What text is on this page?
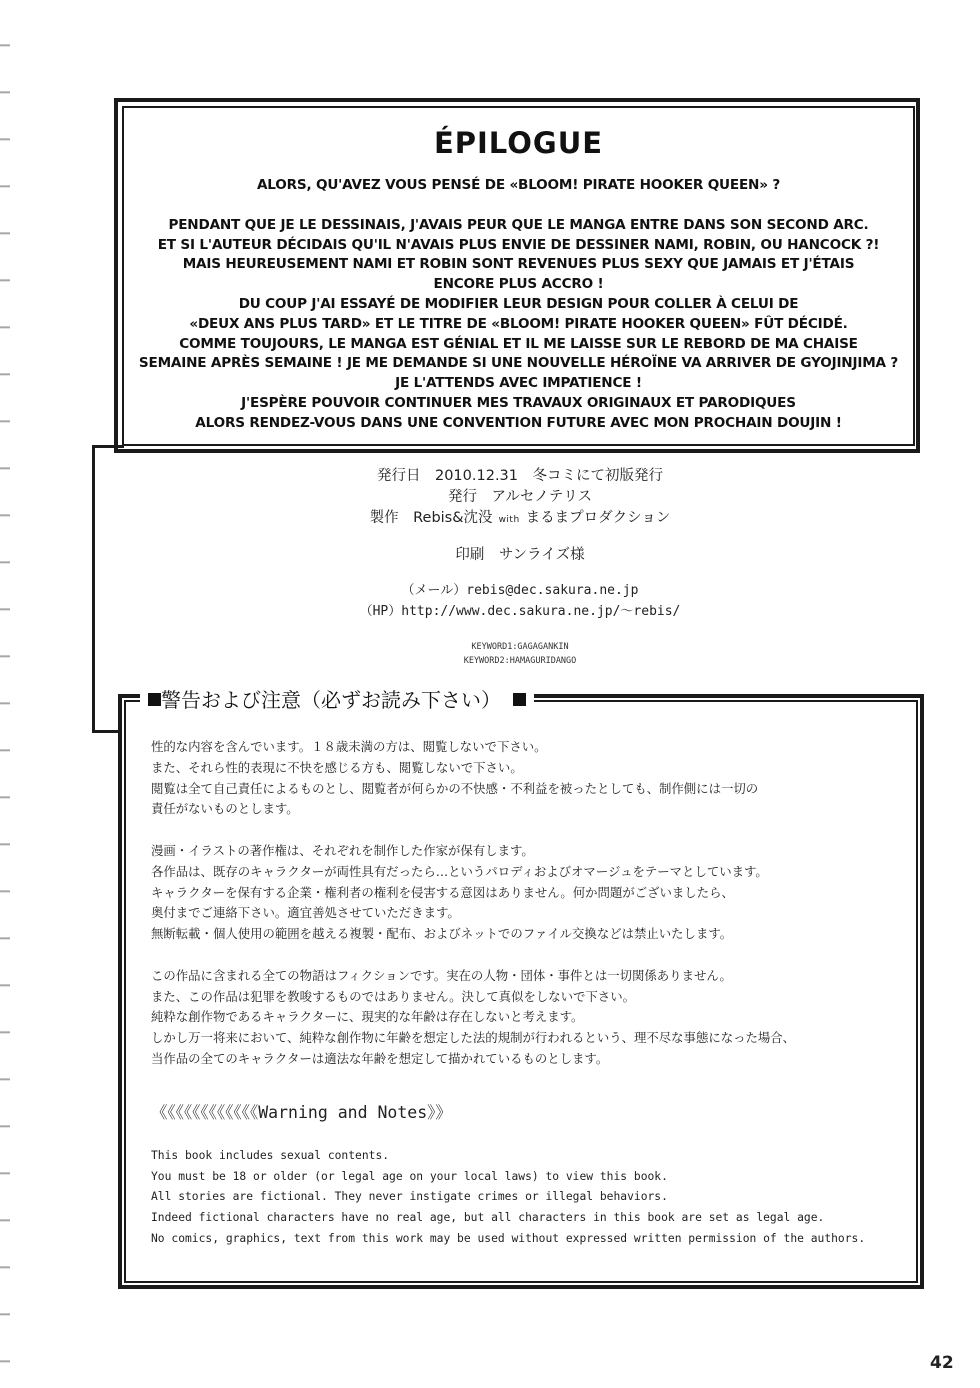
ÉPILOGUE
ALORS, QU'AVEZ VOUS PENSÉ DE «BLOOM! PIRATE HOOKER QUEEN» ?
PENDANT QUE JE LE DESSINAIS, J'AVAIS PEUR QUE LE MANGA ENTRE DANS SON SECOND ARC.
ET SI L'AUTEUR DÉCIDAIS QU'IL N'AVAIS PLUS ENVIE DE DESSINER NAMI, ROBIN, OU HANCOCK ?!
MAIS HEUREUSEMENT NAMI ET ROBIN SONT REVENUES PLUS SEXY QUE JAMAIS ET J'ÉTAIS
ENCORE PLUS ACCRO !
DU COUP J'AI ESSAYÉ DE MODIFIER LEUR DESIGN POUR COLLER À CELUI DE
«DEUX ANS PLUS TARD» ET LE TITRE DE «BLOOM! PIRATE HOOKER QUEEN» FÛT DÉCIDÉ.
COMME TOUJOURS, LE MANGA EST GÉNIAL ET IL ME LAISSE SUR LE REBORD DE MA CHAISE
SEMAINE APRÈS SEMAINE ! JE ME DEMANDE SI UNE NOUVELLE HÉROÏNE VA ARRIVER DE GYOJINJIMA ?
JE L'ATTENDS AVEC IMPATIENCE !
J'ESPÈRE POUVOIR CONTINUER MES TRAVAUX ORIGINAUX ET PARODIQUES
ALORS RENDEZ-VOUS DANS UNE CONVENTION FUTURE AVEC MON PROCHAIN DOUJIN !
発行日　2010.12.31　冬コミにて初版発行
発行　アルセノテリス
製作　Rebis&沈没 with まるまプロダクション
印刷　サンライズ様
（メール）rebis@dec.sakura.ne.jp
（HP）http://www.dec.sakura.ne.jp/～rebis/
KEYWORD1:GAGAGANKIN
KEYWORD2:HAMAGURIDANGO
警告および注意（必ずお読み下さい）
性的な内容を含んでいます。１８歳未満の方は、閲覧しないで下さい。
また、それら性的表現に不快を感じる方も、閲覧しないで下さい。
閲覧は全て自己責任によるものとし、閲覧者が何らかの不快感・不利益を被ったとしても、制作側には一切の
責任がないものとします。
漫画・イラストの著作権は、それぞれを制作した作家が保有します。
各作品は、既存のキャラクターが両性具有だったら…というパロディおよびオマージュをテーマとしています。
キャラクターを保有する企業・権利者の権利を侵害する意図はありません。何か問題がございましたら、
奥付までご連絡下さい。適宜善処させていただきます。
無断転載・個人使用の範囲を越える複製・配布、およびネットでのファイル交換などは禁止いたします。
この作品に含まれる全ての物語はフィクションです。実在の人物・団体・事件とは一切関係ありません。
また、この作品は犯罪を教唆するものではありません。決して真似をしないで下さい。
純粋な創作物であるキャラクターに、現実的な年齢は存在しないと考えます。
しかし万一将来において、純粋な創作物に年齢を想定した法的規制が行われるという、理不尽な事態になった場合、
当作品の全てのキャラクターは適法な年齢を想定して描かれているものとします。
《《《《《《《《《《《《Warning and Notes》》
This book includes sexual contents.
You must be 18 or older (or legal age on your local laws) to view this book.
All stories are fictional. They never instigate crimes or illegal behaviors.
Indeed fictional characters have no real age, but all characters in this book are set as legal age.
No comics, graphics, text from this work may be used without expressed written permission of the authors.
42
